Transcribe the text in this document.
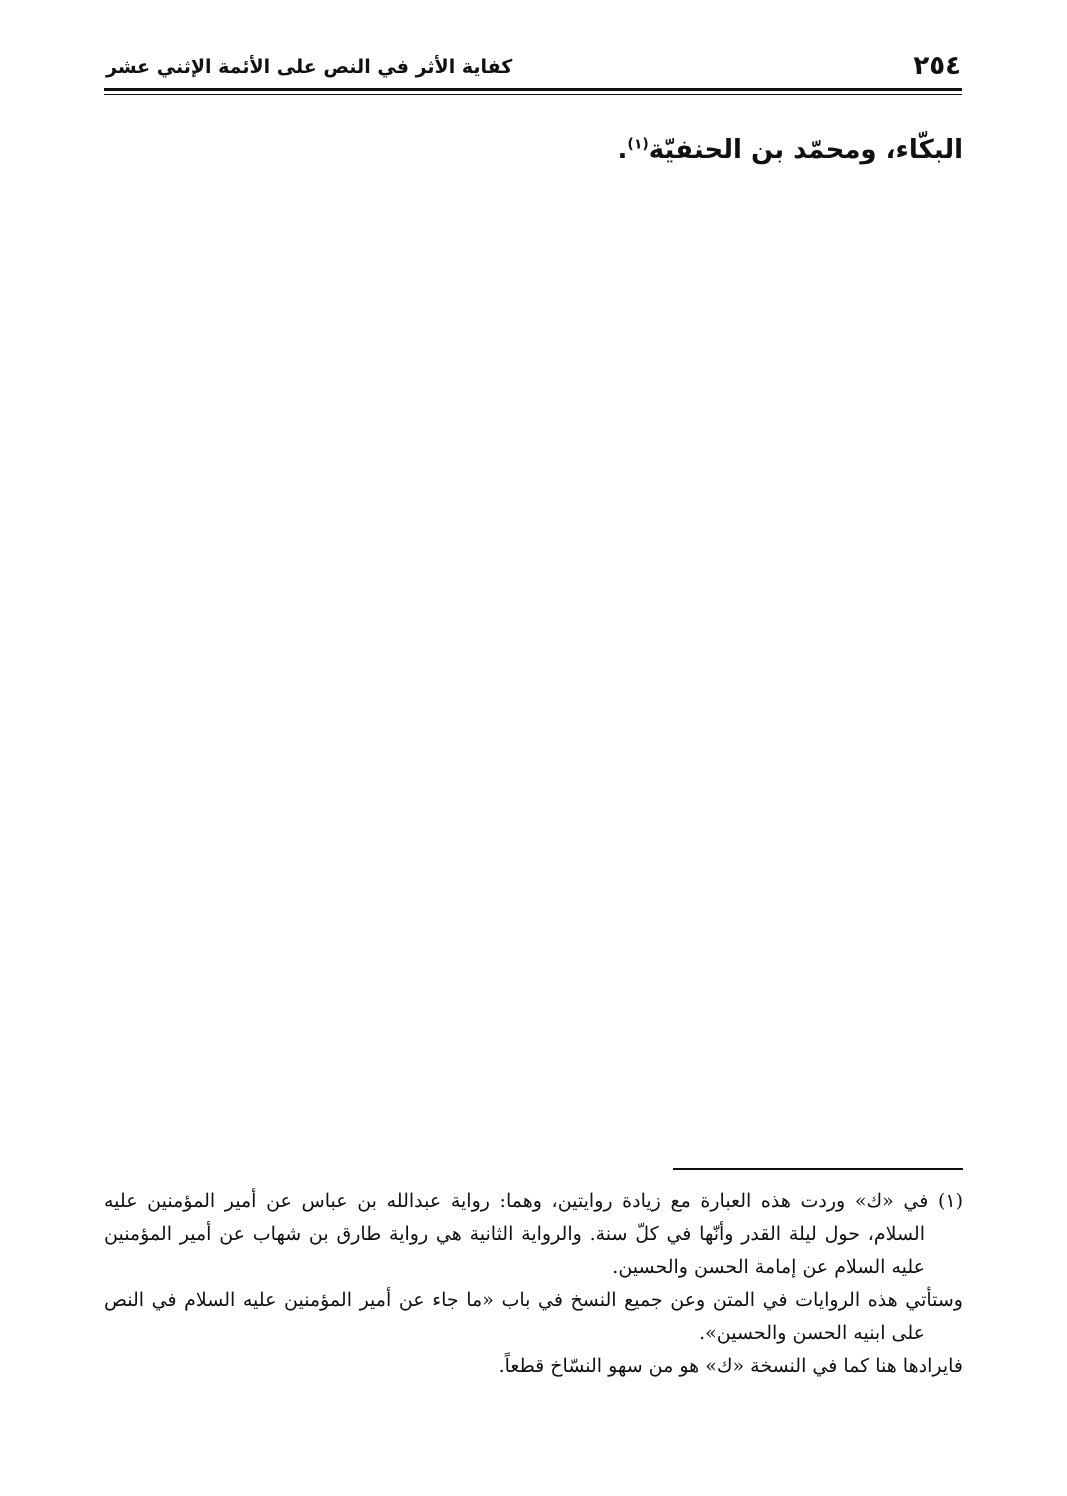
٢٥٤
كفاية الأثر في النص على الأئمة الإثني عشر

البكّاء، ومحمّد بن الحنفيّة$^{(١)}$.

(١) في «ك» وردت هذه العبارة مع زيادة روايتين، وهما: رواية عبدالله بن عباس عن أمير المؤمنين عليه السلام، حول ليلة القدر وأنّها في كلّ سنة. والرواية الثانية هي رواية طارق بن شهاب عن أمير المؤمنين عليه السلام عن إمامة الحسن والحسين.

وستأتي هذه الروايات في المتن وعن جميع النسخ في باب «ما جاء عن أمير المؤمنين عليه السلام في النص على ابنيه الحسن والحسين».

فايرادها هنا كما في النسخة «ك» هو من سهو النسّاخ قطعاً.
